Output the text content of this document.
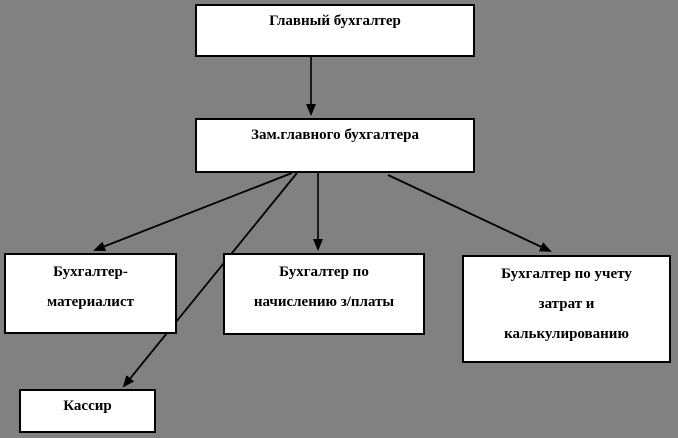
Главный бухгалтер
Зам.главного бухгалтера
Бухгалтер-
материалист
Бухгалтер по
начислению з/платы
Бухгалтер по учету
затрат и
калькулированию
Кассир
